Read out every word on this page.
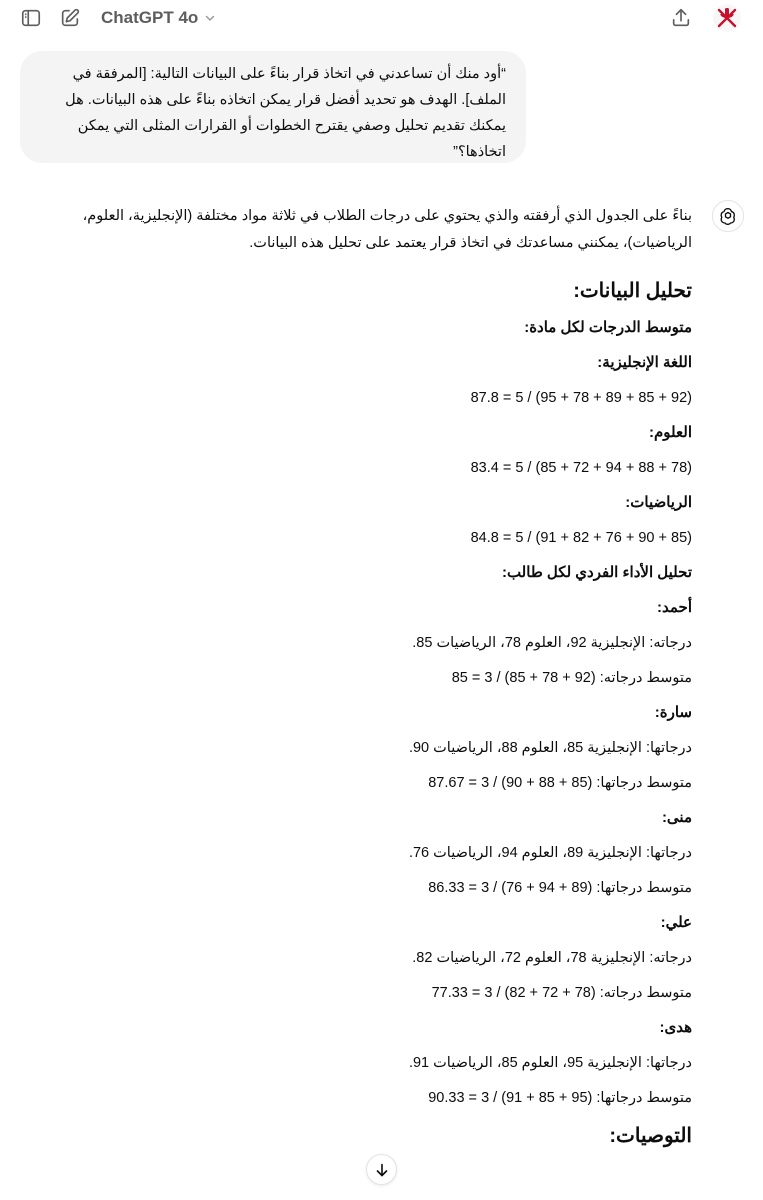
ChatGPT 4o
“أود منك أن تساعدني في اتخاذ قرار بناءً على البيانات التالية: [المرفقة في الملف]. الهدف هو تحديد أفضل قرار يمكن اتخاذه بناءً على هذه البيانات. هل يمكنك تقديم تحليل وصفي يقترح الخطوات أو القرارات المثلى التي يمكن اتخاذها؟”

بناءً على الجدول الذي أرفقته والذي يحتوي على درجات الطلاب في ثلاثة مواد مختلفة (الإنجليزية، العلوم، الرياضيات)، يمكنني مساعدتك في اتخاذ قرار يعتمد على تحليل هذه البيانات.

تحليل البيانات:
متوسط الدرجات لكل مادة:
اللغة الإنجليزية:

(92 + 85 + 89 + 78 + 95) / 5 = 87.8

العلوم:

(78 + 88 + 94 + 72 + 85) / 5 = 83.4

الرياضيات:

(85 + 90 + 76 + 82 + 91) / 5 = 84.8

تحليل الأداء الفردي لكل طالب:
أحمد:

درجاته: الإنجليزية 92، العلوم 78، الرياضيات 85.

متوسط درجاته: (92 + 78 + 85) / 3 = 85

سارة:

درجاتها: الإنجليزية 85، العلوم 88، الرياضيات 90.

متوسط درجاتها: (85 + 88 + 90) / 3 = 87.67

منى:

درجاتها: الإنجليزية 89، العلوم 94، الرياضيات 76.

متوسط درجاتها: (89 + 94 + 76) / 3 = 86.33

علي:

درجاته: الإنجليزية 78، العلوم 72، الرياضيات 82.

متوسط درجاته: (78 + 72 + 82) / 3 = 77.33

هدى:

درجاتها: الإنجليزية 95، العلوم 85، الرياضيات 91.

متوسط درجاتها: (95 + 85 + 91) / 3 = 90.33

التوصيات:
